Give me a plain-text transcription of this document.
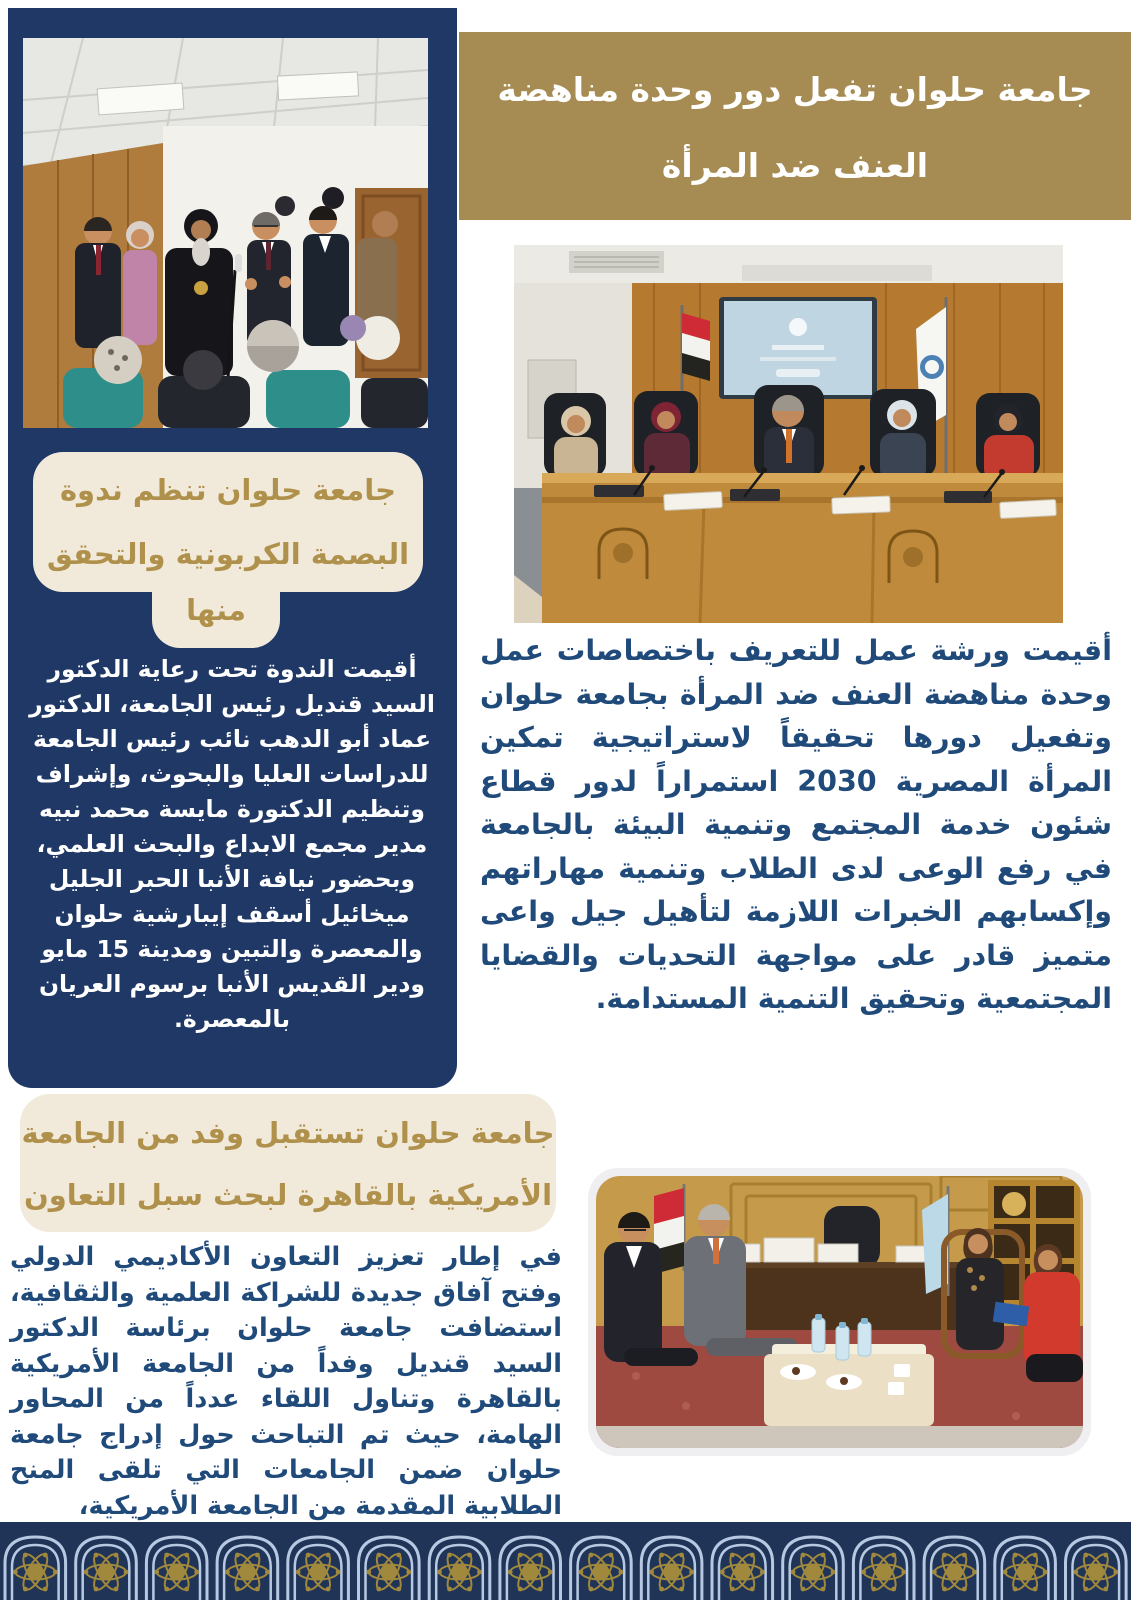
جامعة حلوان تنظم ندوة
البصمة الكربونية والتحقق
منها
أقيمت الندوة تحت رعاية الدكتور السيد قنديل رئيس الجامعة، الدكتور عماد أبو الدهب نائب رئيس الجامعة للدراسات العليا والبحوث، وإشراف وتنظيم الدكتورة مايسة محمد نبيه مدير مجمع الابداع والبحث العلمي، وبحضور نيافة الأنبا الحبر الجليل ميخائيل أسقف إيبارشية حلوان والمعصرة والتبين ومدينة 15 مايو ودير القديس الأنبا برسوم العريان بالمعصرة.
جامعة حلوان تفعل دور وحدة مناهضة
العنف ضد المرأة
أقيمت ورشة عمل للتعريف باختصاصات عمل وحدة مناهضة العنف ضد المرأة بجامعة حلوان وتفعيل دورها تحقيقاً لاستراتيجية تمكين المرأة المصرية 2030 استمراراً لدور قطاع شئون خدمة المجتمع وتنمية البيئة بالجامعة في رفع الوعى لدى الطلاب وتنمية مهاراتهم وإكسابهم الخبرات اللازمة لتأهيل جيل واعى متميز قادر على مواجهة التحديات والقضايا المجتمعية وتحقيق التنمية المستدامة.
جامعة حلوان تستقبل وفد من الجامعة
الأمريكية بالقاهرة لبحث سبل التعاون
في إطار تعزيز التعاون الأكاديمي الدولي وفتح آفاق جديدة للشراكة العلمية والثقافية، استضافت جامعة حلوان برئاسة الدكتور السيد قنديل وفداً من الجامعة الأمريكية بالقاهرة وتناول اللقاء عدداً من المحاور الهامة، حيث تم التباحث حول إدراج جامعة حلوان ضمن الجامعات التي تلقى المنح الطلابية المقدمة من الجامعة الأمريكية،
